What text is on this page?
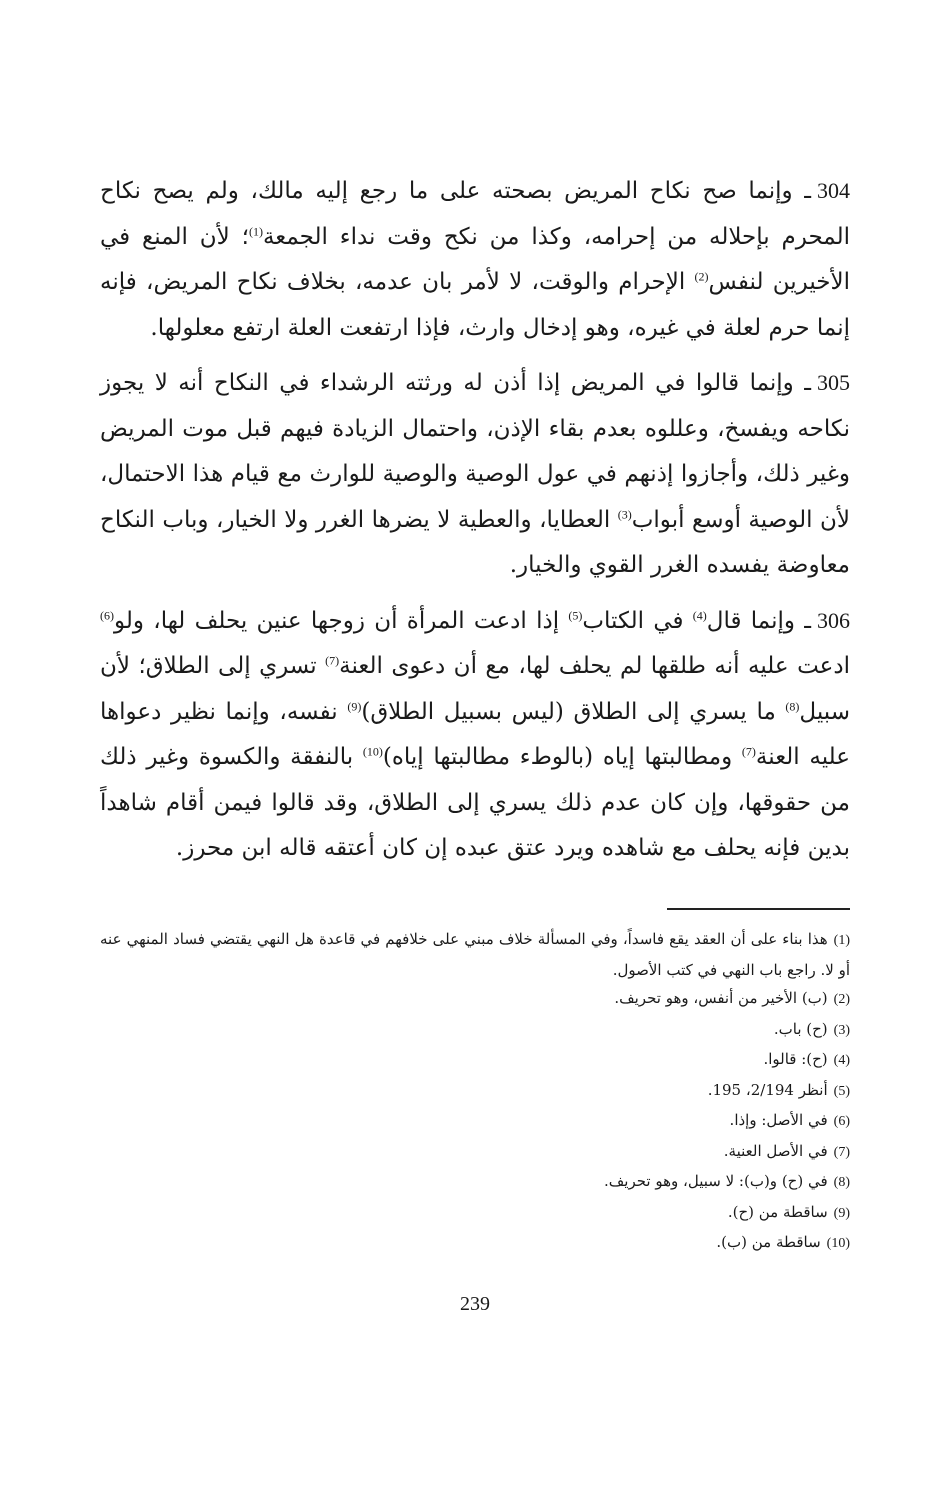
304ـ وإنما صح نكاح المريض بصحته على ما رجع إليه مالك، ولم يصح نكاح المحرم بإحلاله من إحرامه، وكذا من نكح وقت نداء الجمعة$^{(1)}$؛ لأن المنع في الأخيرين لنفس$^{(2)}$ الإحرام والوقت، لا لأمر بان عدمه، بخلاف نكاح المريض، فإنه إنما حرم لعلة في غيره، وهو إدخال وارث، فإذا ارتفعت العلة ارتفع معلولها.

305ـ وإنما قالوا في المريض إذا أذن له ورثته الرشداء في النكاح أنه لا يجوز نكاحه ويفسخ، وعللوه بعدم بقاء الإذن، واحتمال الزيادة فيهم قبل موت المريض وغير ذلك، وأجازوا إذنهم في عول الوصية والوصية للوارث مع قيام هذا الاحتمال، لأن الوصية أوسع أبواب$^{(3)}$ العطايا، والعطية لا يضرها الغرر ولا الخيار، وباب النكاح معاوضة يفسده الغرر القوي والخيار.

306ـ وإنما قال$^{(4)}$ في الكتاب$^{(5)}$ إذا ادعت المرأة أن زوجها عنين يحلف لها، ولو$^{(6)}$ ادعت عليه أنه طلقها لم يحلف لها، مع أن دعوى العنة$^{(7)}$ تسري إلى الطلاق؛ لأن سبيل$^{(8)}$ ما يسري إلى الطلاق (ليس بسبيل الطلاق)$^{(9)}$ نفسه، وإنما نظير دعواها عليه العنة$^{(7)}$ ومطالبتها إياه (بالوطء مطالبتها إياه)$^{(10)}$ بالنفقة والكسوة وغير ذلك من حقوقها، وإن كان عدم ذلك يسري إلى الطلاق، وقد قالوا فيمن أقام شاهداً بدين فإنه يحلف مع شاهده ويرد عتق عبده إن كان أعتقه قاله ابن محرز.

(1)هذا بناء على أن العقد يقع فاسداً، وفي المسألة خلاف مبني على خلافهم في قاعدة هل النهي يقتضي فساد المنهي عنه أو لا. راجع باب النهي في كتب الأصول.

(2)(ب) الأخير من أنفس، وهو تحريف.

(3)(ح) باب.

(4)(ح): قالوا.

(5)أنظر 2/194، 195.

(6)في الأصل: وإذا.

(7)في الأصل العنية.

(8)في (ح) و(ب): لا سبيل، وهو تحريف.

(9)ساقطة من (ح).

(10)ساقطة من (ب).

239
